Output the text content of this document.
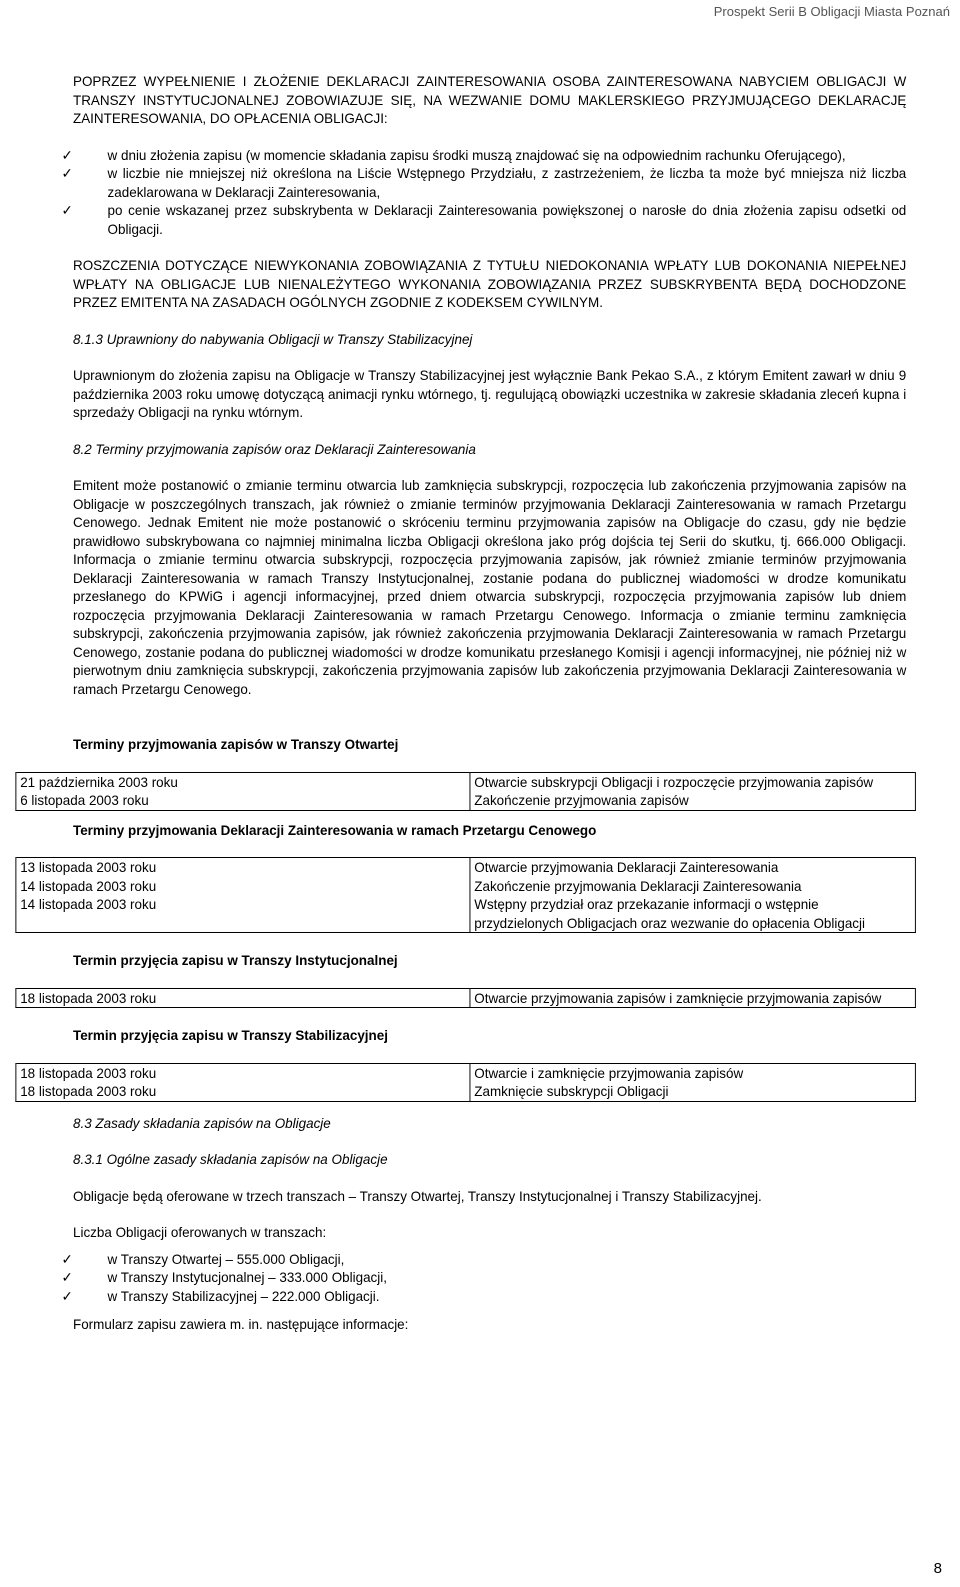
Prospekt Serii B Obligacji Miasta Poznań

POPRZEZ WYPEŁNIENIE I ZŁOŻENIE DEKLARACJI ZAINTERESOWANIA OSOBA ZAINTERESOWANA NABYCIEM OBLIGACJI W TRANSZY INSTYTUCJONALNEJ ZOBOWIAZUJE SIĘ, NA WEZWANIE DOMU MAKLERSKIEGO PRZYJMUJĄCEGO DEKLARACJĘ ZAINTERESOWANIA, DO OPŁACENIA OBLIGACJI:

✓ w dniu złożenia zapisu (w momencie składania zapisu środki muszą znajdować się na odpowiednim rachunku Oferującego),
✓ w liczbie nie mniejszej niż określona na Liście Wstępnego Przydziału, z zastrzeżeniem, że liczba ta może być mniejsza niż liczba zadeklarowana w Deklaracji Zainteresowania,
✓ po cenie wskazanej przez subskrybenta w Deklaracji Zainteresowania powiększonej o narosłe do dnia złożenia zapisu odsetki od Obligacji.

ROSZCZENIA DOTYCZĄCE NIEWYKONANIA ZOBOWIĄZANIA Z TYTUŁU NIEDOKONANIA WPŁATY LUB DOKONANIA NIEPEŁNEJ WPŁATY NA OBLIGACJE LUB NIENALEŻYTEGO WYKONANIA ZOBOWIĄZANIA PRZEZ SUBSKRYBENTA BĘDĄ DOCHODZONE PRZEZ EMITENTA NA ZASADACH OGÓLNYCH ZGODNIE Z KODEKSEM CYWILNYM.

8.1.3 Uprawniony do nabywania Obligacji w Transzy Stabilizacyjnej

Uprawnionym do złożenia zapisu na Obligacje w Transzy Stabilizacyjnej jest wyłącznie Bank Pekao S.A., z którym Emitent zawarł w dniu 9 października 2003 roku umowę dotyczącą animacji rynku wtórnego, tj. regulującą obowiązki uczestnika w zakresie składania zleceń kupna i sprzedaży Obligacji na rynku wtórnym.

8.2 Terminy przyjmowania zapisów oraz Deklaracji Zainteresowania

Emitent może postanowić o zmianie terminu otwarcia lub zamknięcia subskrypcji, rozpoczęcia lub zakończenia przyjmowania zapisów na Obligacje w poszczególnych transzach, jak również o zmianie terminów przyjmowania Deklaracji Zainteresowania w ramach Przetargu Cenowego. Jednak Emitent nie może postanowić o skróceniu terminu przyjmowania zapisów na Obligacje do czasu, gdy nie będzie prawidłowo subskrybowana co najmniej minimalna liczba Obligacji określona jako próg dojścia tej Serii do skutku, tj. 666.000 Obligacji. Informacja o zmianie terminu otwarcia subskrypcji, rozpoczęcia przyjmowania zapisów, jak również zmianie terminów przyjmowania Deklaracji Zainteresowania w ramach Transzy Instytucjonalnej, zostanie podana do publicznej wiadomości w drodze komunikatu przesłanego do KPWiG i agencji informacyjnej, przed dniem otwarcia subskrypcji, rozpoczęcia przyjmowania zapisów lub dniem rozpoczęcia przyjmowania Deklaracji Zainteresowania w ramach Przetargu Cenowego. Informacja o zmianie terminu zamknięcia subskrypcji, zakończenia przyjmowania zapisów, jak również zakończenia przyjmowania Deklaracji Zainteresowania w ramach Przetargu Cenowego, zostanie podana do publicznej wiadomości w drodze komunikatu przesłanego Komisji i agencji informacyjnej, nie później niż w pierwotnym dniu zamknięcia subskrypcji, zakończenia przyjmowania zapisów lub zakończenia przyjmowania Deklaracji Zainteresowania w ramach Przetargu Cenowego.

Terminy przyjmowania zapisów w Transzy Otwartej

21 października 2003 roku	Otwarcie subskrypcji Obligacji i rozpoczęcie przyjmowania zapisów
6 listopada 2003 roku	Zakończenie przyjmowania zapisów

Terminy przyjmowania Deklaracji Zainteresowania w ramach Przetargu Cenowego

13 listopada 2003 roku	Otwarcie przyjmowania Deklaracji Zainteresowania
14 listopada 2003 roku	Zakończenie przyjmowania Deklaracji Zainteresowania
14 listopada 2003 roku	Wstępny przydział oraz przekazanie informacji o wstępnie przydzielonych Obligacjach oraz wezwanie do opłacenia Obligacji

Termin przyjęcia zapisu w Transzy Instytucjonalnej

18 listopada 2003 roku	Otwarcie przyjmowania zapisów i zamknięcie przyjmowania zapisów

Termin przyjęcia zapisu w Transzy Stabilizacyjnej

18 listopada 2003 roku	Otwarcie i zamknięcie przyjmowania zapisów
18 listopada 2003 roku	Zamknięcie subskrypcji Obligacji

8.3 Zasady składania zapisów na Obligacje

8.3.1 Ogólne zasady składania zapisów na Obligacje

Obligacje będą oferowane w trzech transzach – Transzy Otwartej, Transzy Instytucjonalnej i Transzy Stabilizacyjnej.

Liczba Obligacji oferowanych w transzach:

✓ w Transzy Otwartej – 555.000 Obligacji,
✓ w Transzy Instytucjonalnej – 333.000 Obligacji,
✓ w Transzy Stabilizacyjnej – 222.000 Obligacji.

Formularz zapisu zawiera m. in. następujące informacje:

8
